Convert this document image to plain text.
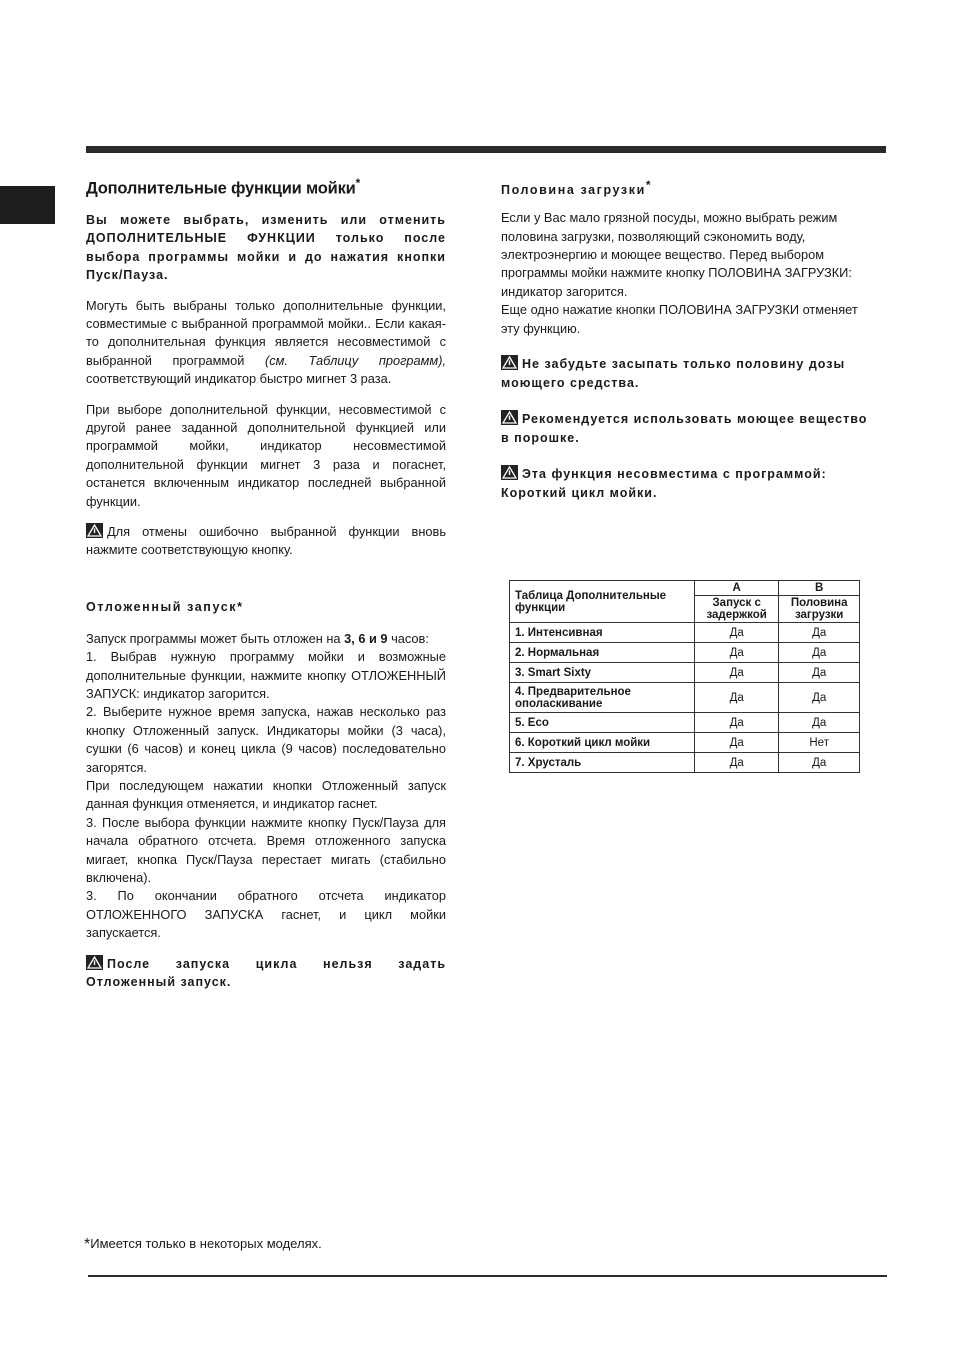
Дополнительные функции мойки*

Вы можете выбрать, изменить или отменить ДОПОЛНИТЕЛЬНЫЕ ФУНКЦИИ только после выбора программы мойки и до нажатия кнопки Пуск/Пауза.

Могуть быть выбраны только дополнительные функции, совместимые с выбранной программой мойки.. Если какая-то дополнительная функция является несовместимой с выбранной программой (см. Таблицу программ), соответствующий индикатор быстро мигнет 3 раза.

При выборе дополнительной функции, несовместимой с другой ранее заданной дополнительной функцией или программой мойки, индикатор несовместимой дополнительной функции мигнет 3 раза и погаснет, останется включенным индикатор последней выбранной функции.

Для отмены ошибочно выбранной функции вновь нажмите соответствующую кнопку.

Отложенный запуск*

Запуск программы может быть отложен на 3, 6 и 9 часов:

1. Выбрав нужную программу мойки и возможные дополнительные функции, нажмите кнопку ОТЛОЖЕННЫЙ ЗАПУСК: индикатор загорится.

2. Выберите нужное время запуска, нажав несколько раз кнопку Отложенный запуск. Индикаторы мойки (3 часа), сушки (6 часов) и конец цикла (9 часов) последовательно загорятся.

При последующем нажатии кнопки Отложенный запуск данная функция отменяется, и индикатор гаснет.

3. После выбора функции нажмите кнопку Пуск/Пауза для начала обратного отсчета. Время отложенного запуска мигает, кнопка Пуск/Пауза перестает мигать (стабильно включена).

3. По окончании обратного отсчета индикатор ОТЛОЖЕННОГО ЗАПУСКА гаснет, и цикл мойки запускается.

После запуска цикла нельзя задать Отложенный запуск.

Половина загрузки*

Если у Вас мало грязной посуды, можно выбрать режим половина загрузки, позволяющий сэкономить воду, электроэнергию и моющее вещество. Перед выбором программы мойки нажмите кнопку ПОЛОВИНА ЗАГРУЗКИ: индикатор загорится.

Еще одно нажатие кнопки ПОЛОВИНА ЗАГРУЗКИ отменяет эту функцию.

Не забудьте засыпать только половину дозы моющего средства.

Рекомендуется использовать моющее вещество в порошке.

Эта функция несовместима с программой: Короткий цикл мойки.

Таблица Дополнительные функции	A	B
	Запуск с задержкой	Половина загрузки
1. Интенсивная	Да	Да
2. Нормальная	Да	Да
3. Smart Sixty	Да	Да
4. Предварительное ополаскивание	Да	Да
5. Eco	Да	Да
6. Короткий цикл мойки	Да	Нет
7. Хрусталь	Да	Да
*Имеется только в некоторых моделях.
